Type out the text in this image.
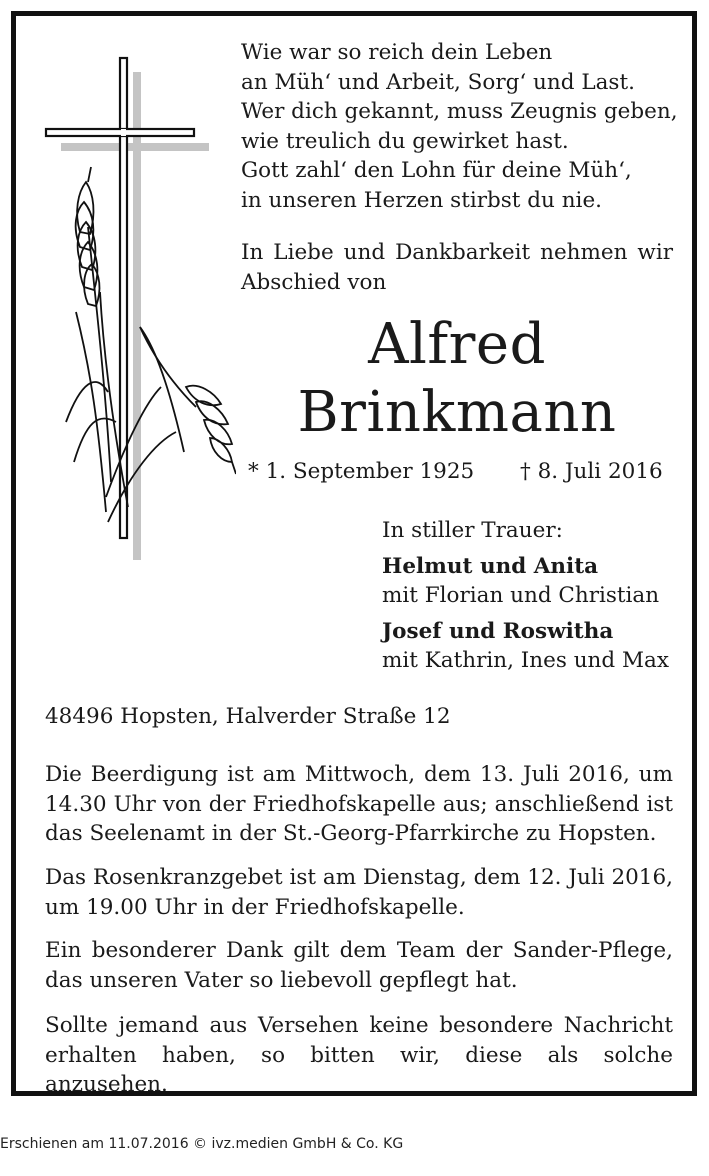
Wie war so reich dein Leben
an Müh‘ und Arbeit, Sorg‘ und Last.
Wer dich gekannt, muss Zeugnis geben,
wie treulich du gewirket hast.
Gott zahl‘ den Lohn für deine Müh‘,
in unseren Herzen stirbst du nie.
In Liebe und Dankbarkeit nehmen wir Abschied von
Alfred
Brinkmann
* 1. September 1925 † 8. Juli 2016
In stiller Trauer:
Helmut und Anita
mit Florian und Christian
Josef und Roswitha
mit Kathrin, Ines und Max
48496 Hopsten, Halverder Straße 12
Die Beerdigung ist am Mittwoch, dem 13. Juli 2016, um 14.30 Uhr von der Friedhofskapelle aus; anschließend ist das Seelenamt in der St.-Georg-Pfarrkirche zu Hopsten.
Das Rosenkranzgebet ist am Dienstag, dem 12. Juli 2016, um 19.00 Uhr in der Friedhofskapelle.
Ein besonderer Dank gilt dem Team der Sander-Pflege, das unseren Vater so liebevoll gepflegt hat.
Sollte jemand aus Versehen keine besondere Nachricht erhalten haben, so bitten wir, diese als solche anzusehen.
Erschienen am 11.07.2016 © ivz.medien GmbH & Co. KG
